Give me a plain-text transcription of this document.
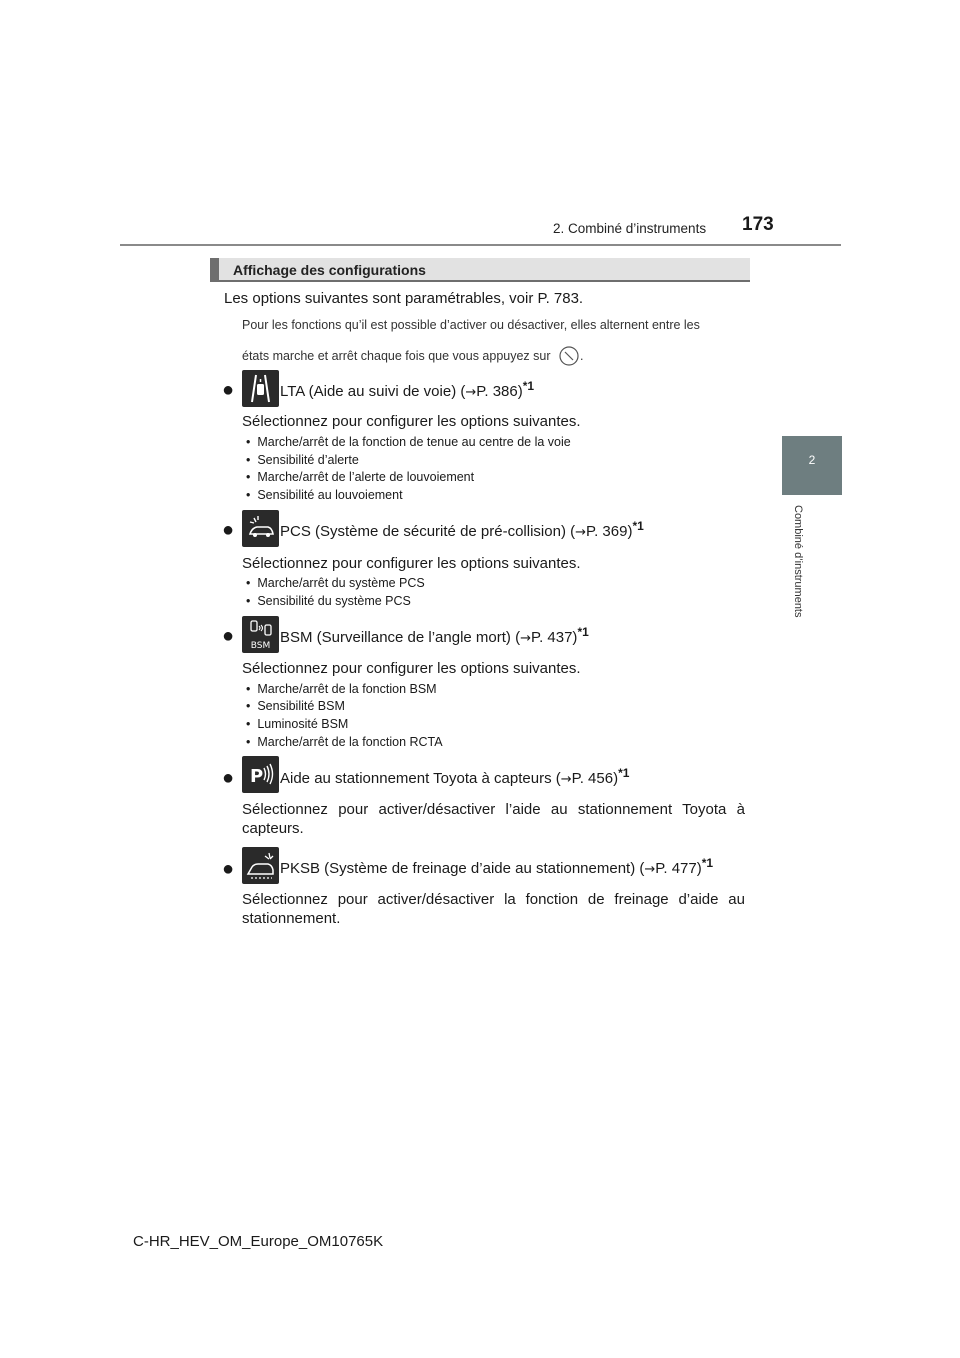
2. Combiné d’instruments 173
2
Combiné d’instruments
Affichage des configurations
Les options suivantes sont paramétrables, voir P. 783.
Pour les fonctions qu’il est possible d’activer ou désactiver, elles alternent entre les
états marche et arrêt chaque fois que vous appuyez sur .
●	LTA (Aide au suivi de voie) (→P. 386)$^{*1}$
Sélectionnez pour configurer les options suivantes.
•  Marche/arrêt de la fonction de tenue au centre de la voie
•  Sensibilité d’alerte
•  Marche/arrêt de l’alerte de louvoiement
•  Sensibilité au louvoiement
●	PCS (Système de sécurité de pré-collision) (→P. 369)$^{*1}$
Sélectionnez pour configurer les options suivantes.
•  Marche/arrêt du système PCS
•  Sensibilité du système PCS
● BSM BSM (Surveillance de l’angle mort) (→P. 437)$^{*1}$
Sélectionnez pour configurer les options suivantes.
•  Marche/arrêt de la fonction BSM
•  Sensibilité BSM
•  Luminosité BSM
•  Marche/arrêt de la fonction RCTA
● P Aide au stationnement Toyota à capteurs (→P. 456)$^{*1}$
Sélectionnez pour activer/désactiver l’aide au stationnement Toyota à
capteurs.
●	PKSB (Système de freinage d’aide au stationnement) (→P. 477)$^{*1}$
Sélectionnez pour activer/désactiver la fonction de freinage d’aide au
stationnement.
C-HR_HEV_OM_Europe_OM10765K
